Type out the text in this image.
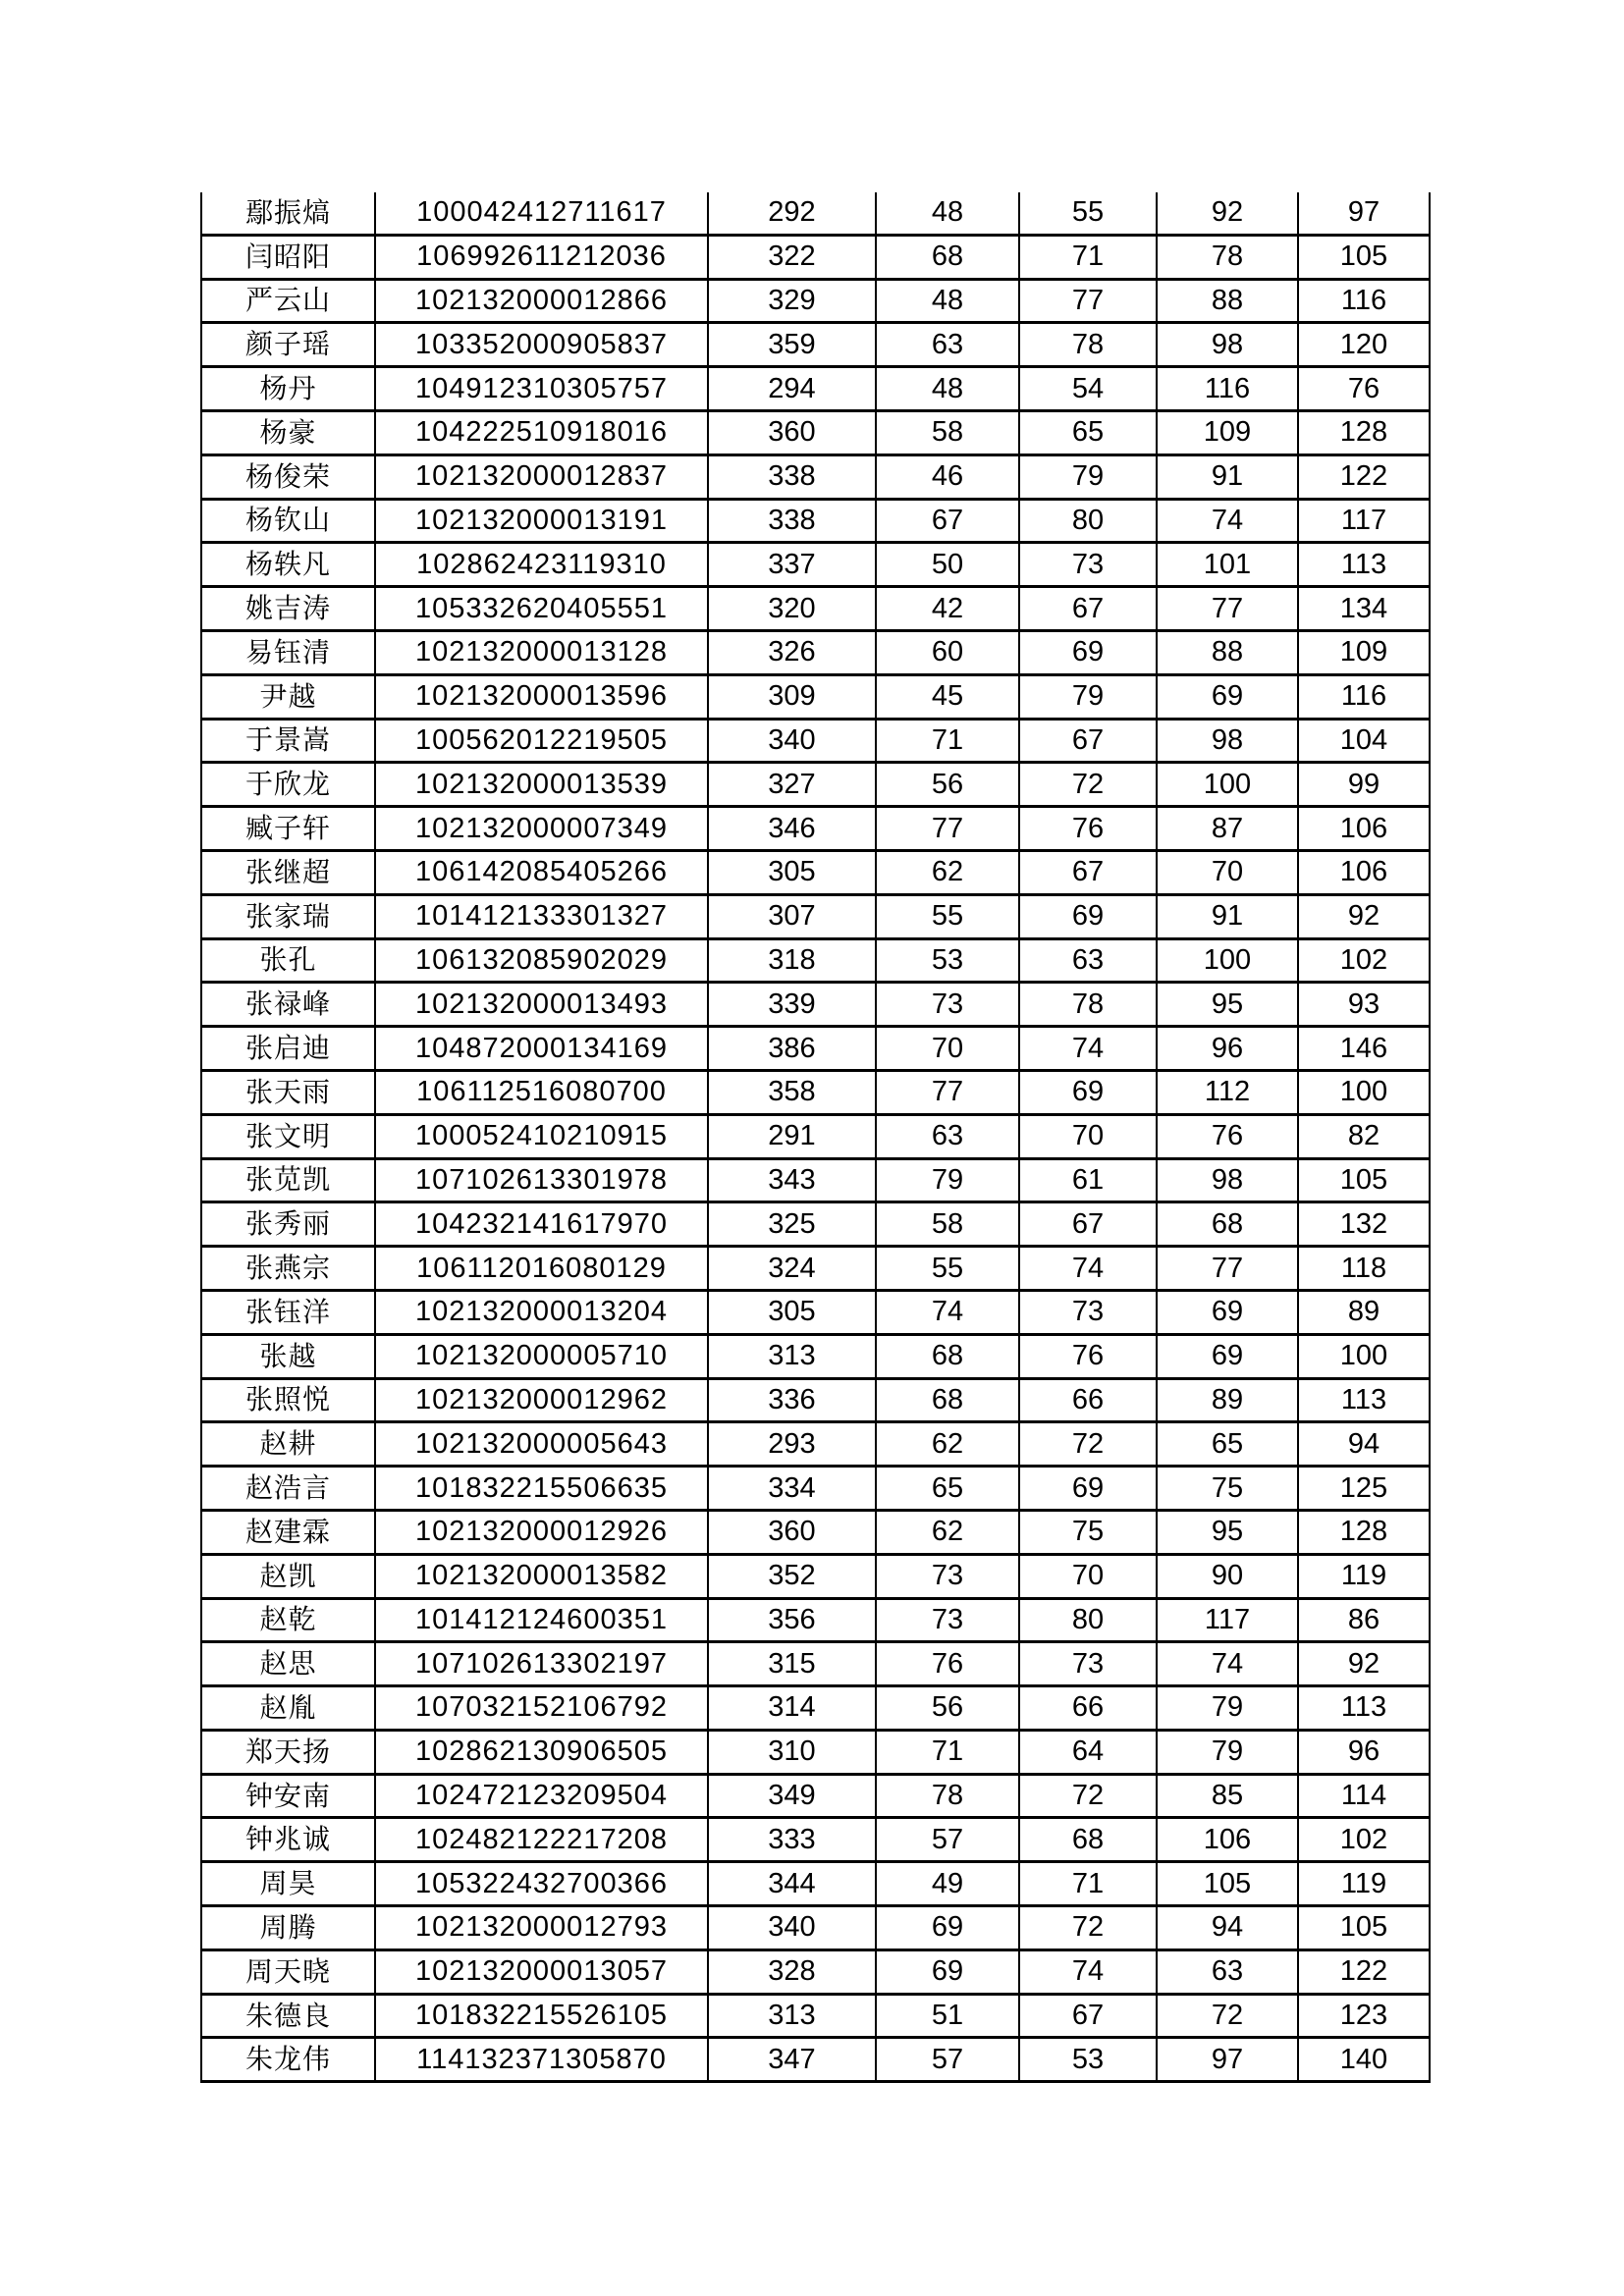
鄢振熇	100042412711617	292	48	55	92	97
闫昭阳	106992611212036	322	68	71	78	105
严云山	102132000012866	329	48	77	88	116
颜子瑶	103352000905837	359	63	78	98	120
杨丹	104912310305757	294	48	54	116	76
杨豪	104222510918016	360	58	65	109	128
杨俊荣	102132000012837	338	46	79	91	122
杨钦山	102132000013191	338	67	80	74	117
杨轶凡	102862423119310	337	50	73	101	113
姚吉涛	105332620405551	320	42	67	77	134
易钰清	102132000013128	326	60	69	88	109
尹越	102132000013596	309	45	79	69	116
于景嵩	100562012219505	340	71	67	98	104
于欣龙	102132000013539	327	56	72	100	99
臧子轩	102132000007349	346	77	76	87	106
张继超	106142085405266	305	62	67	70	106
张家瑞	101412133301327	307	55	69	91	92
张孔	106132085902029	318	53	63	100	102
张禄峰	102132000013493	339	73	78	95	93
张启迪	104872000134169	386	70	74	96	146
张天雨	106112516080700	358	77	69	112	100
张文明	100052410210915	291	63	70	76	82
张苋凯	107102613301978	343	79	61	98	105
张秀丽	104232141617970	325	58	67	68	132
张燕宗	106112016080129	324	55	74	77	118
张钰洋	102132000013204	305	74	73	69	89
张越	102132000005710	313	68	76	69	100
张照悦	102132000012962	336	68	66	89	113
赵耕	102132000005643	293	62	72	65	94
赵浩言	101832215506635	334	65	69	75	125
赵建霖	102132000012926	360	62	75	95	128
赵凯	102132000013582	352	73	70	90	119
赵乾	101412124600351	356	73	80	117	86
赵思	107102613302197	315	76	73	74	92
赵胤	107032152106792	314	56	66	79	113
郑天扬	102862130906505	310	71	64	79	96
钟安南	102472123209504	349	78	72	85	114
钟兆诚	102482122217208	333	57	68	106	102
周昊	105322432700366	344	49	71	105	119
周腾	102132000012793	340	69	72	94	105
周天晓	102132000013057	328	69	74	63	122
朱德良	101832215526105	313	51	67	72	123
朱龙伟	114132371305870	347	57	53	97	140
